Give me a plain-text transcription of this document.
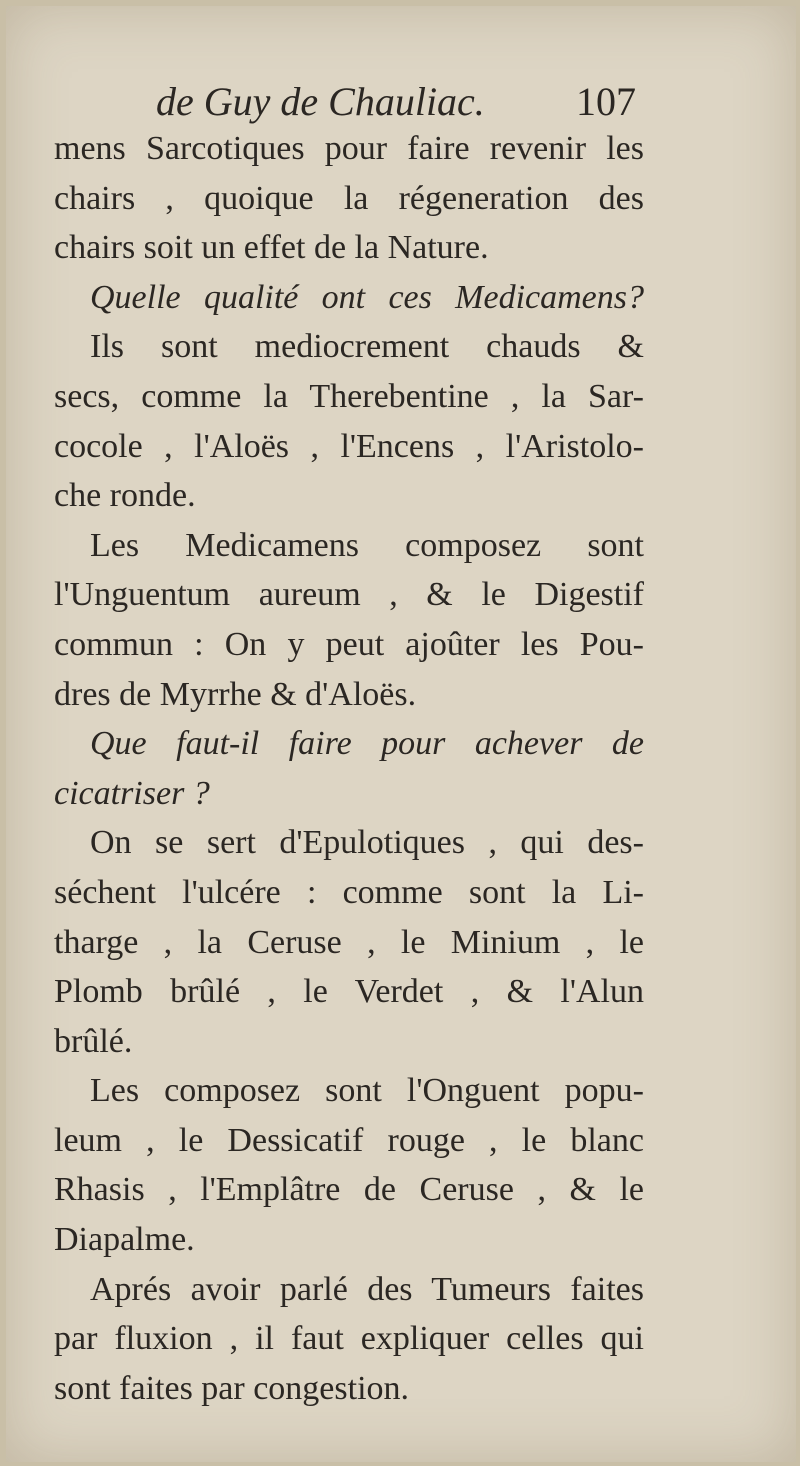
de Guy de Chauliac. 107

mens Sarcotiques pour faire revenir les

chairs , quoique la régeneration des

chairs soit un effet de la Nature.

Quelle qualité ont ces Medicamens?

Ils sont mediocrement chauds &

secs, comme la Therebentine , la Sar-

cocole , l'Aloës , l'Encens , l'Aristolo-

che ronde.

Les Medicamens composez sont

l'Unguentum aureum , & le Digestif

commun : On y peut ajoûter les Pou-

dres de Myrrhe & d'Aloës.

Que faut-il faire pour achever de

cicatriser ?

On se sert d'Epulotiques , qui des-

séchent l'ulcére : comme sont la Li-

tharge , la Ceruse , le Minium , le

Plomb brûlé , le Verdet , & l'Alun

brûlé.

Les composez sont l'Onguent popu-

leum , le Dessicatif rouge , le blanc

Rhasis , l'Emplâtre de Ceruse , & le

Diapalme.

Aprés avoir parlé des Tumeurs faites

par fluxion , il faut expliquer celles qui

sont faites par congestion.
